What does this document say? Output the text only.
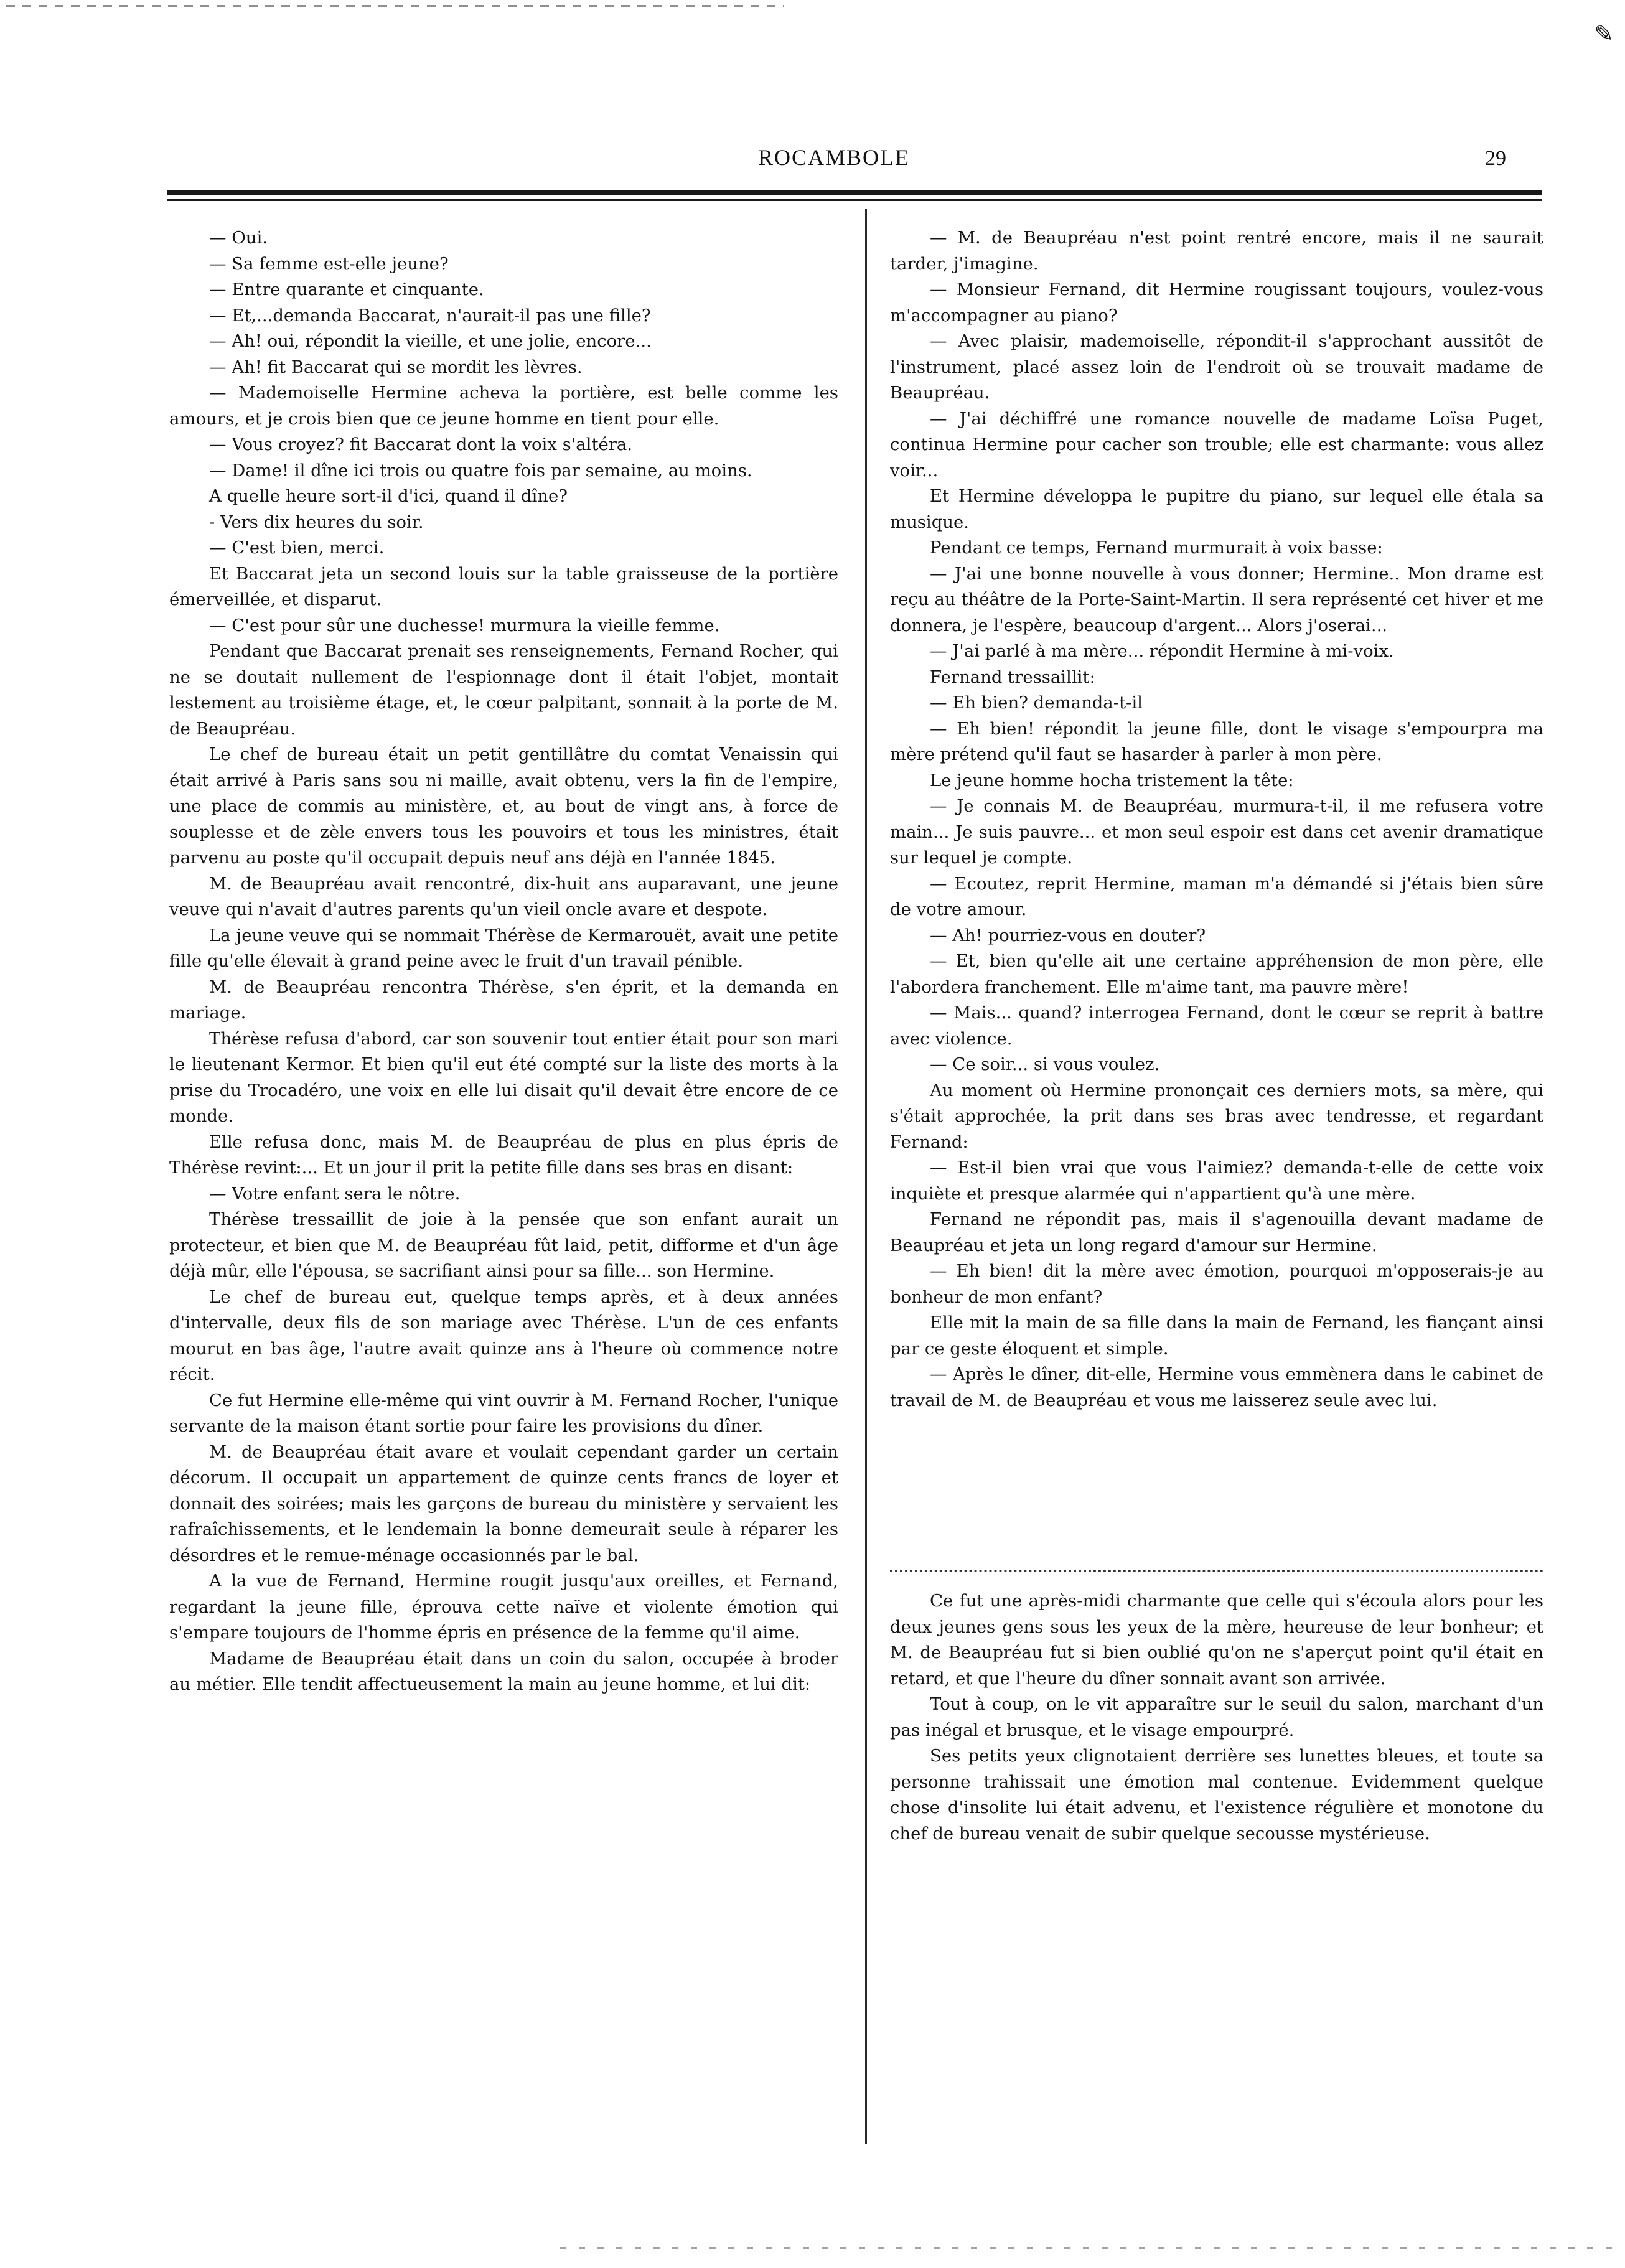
✎
ROCAMBOLE	29

— Oui.

— Sa femme est-elle jeune?

— Entre quarante et cinquante.

— Et,...demanda Baccarat, n'aurait-il pas une fille?

— Ah! oui, répondit la vieille, et une jolie, encore...

— Ah! fit Baccarat qui se mordit les lèvres.

— Mademoiselle Hermine acheva la portière, est belle comme les amours, et je crois bien que ce jeune homme en tient pour elle.

— Vous croyez? fit Baccarat dont la voix s'altéra.

— Dame! il dîne ici trois ou quatre fois par semaine, au moins.

A quelle heure sort-il d'ici, quand il dîne?

- Vers dix heures du soir.

— C'est bien, merci.

Et Baccarat jeta un second louis sur la table graisseuse de la portière émerveillée, et disparut.

— C'est pour sûr une duchesse! murmura la vieille femme.

Pendant que Baccarat prenait ses renseignements, Fernand Rocher, qui ne se doutait nullement de l'espionnage dont il était l'objet, montait lestement au troisième étage, et, le cœur palpitant, sonnait à la porte de M. de Beaupréau.

Le chef de bureau était un petit gentillâtre du comtat Venaissin qui était arrivé à Paris sans sou ni maille, avait obtenu, vers la fin de l'empire, une place de commis au ministère, et, au bout de vingt ans, à force de souplesse et de zèle envers tous les pouvoirs et tous les ministres, était parvenu au poste qu'il occupait depuis neuf ans déjà en l'année 1845.

M. de Beaupréau avait rencontré, dix-huit ans auparavant, une jeune veuve qui n'avait d'autres parents qu'un vieil oncle avare et despote.

La jeune veuve qui se nommait Thérèse de Kermarouët, avait une petite fille qu'elle élevait à grand peine avec le fruit d'un travail pénible.

M. de Beaupréau rencontra Thérèse, s'en éprit, et la demanda en mariage.

Thérèse refusa d'abord, car son souvenir tout entier était pour son mari le lieutenant Kermor. Et bien qu'il eut été compté sur la liste des morts à la prise du Trocadéro, une voix en elle lui disait qu'il devait être encore de ce monde.

Elle refusa donc, mais M. de Beaupréau de plus en plus épris de Thérèse revint:... Et un jour il prit la petite fille dans ses bras en disant:

— Votre enfant sera le nôtre.

Thérèse tressaillit de joie à la pensée que son enfant aurait un protecteur, et bien que M. de Beaupréau fût laid, petit, difforme et d'un âge déjà mûr, elle l'épousa, se sacrifiant ainsi pour sa fille... son Hermine.

Le chef de bureau eut, quelque temps après, et à deux années d'intervalle, deux fils de son mariage avec Thérèse. L'un de ces enfants mourut en bas âge, l'autre avait quinze ans à l'heure où commence notre récit.

Ce fut Hermine elle-même qui vint ouvrir à M. Fernand Rocher, l'unique servante de la maison étant sortie pour faire les provisions du dîner.

M. de Beaupréau était avare et voulait cependant garder un certain décorum. Il occupait un appartement de quinze cents francs de loyer et donnait des soirées; mais les garçons de bureau du ministère y servaient les rafraîchissements, et le lendemain la bonne demeurait seule à réparer les désordres et le remue-ménage occasionnés par le bal.

A la vue de Fernand, Hermine rougit jusqu'aux oreilles, et Fernand, regardant la jeune fille, éprouva cette naïve et violente émotion qui s'empare toujours de l'homme épris en présence de la femme qu'il aime.

Madame de Beaupréau était dans un coin du salon, occupée à broder au métier. Elle tendit affectueusement la main au jeune homme, et lui dit:

— M. de Beaupréau n'est point rentré encore, mais il ne saurait tarder, j'imagine.

— Monsieur Fernand, dit Hermine rougissant toujours, voulez-vous m'accompagner au piano?

— Avec plaisir, mademoiselle, répondit-il s'approchant aussitôt de l'instrument, placé assez loin de l'endroit où se trouvait madame de Beaupréau.

— J'ai déchiffré une romance nouvelle de madame Loïsa Puget, continua Hermine pour cacher son trouble; elle est charmante: vous allez voir...

Et Hermine développa le pupitre du piano, sur lequel elle étala sa musique.

Pendant ce temps, Fernand murmurait à voix basse:

— J'ai une bonne nouvelle à vous donner; Hermine.. Mon drame est reçu au théâtre de la Porte-Saint-Martin. Il sera représenté cet hiver et me donnera, je l'espère, beaucoup d'argent... Alors j'oserai...

— J'ai parlé à ma mère... répondit Hermine à mi-voix.

Fernand tressaillit:

— Eh bien? demanda-t-il

— Eh bien! répondit la jeune fille, dont le visage s'empourpra ma mère prétend qu'il faut se hasarder à parler à mon père.

Le jeune homme hocha tristement la tête:

— Je connais M. de Beaupréau, murmura-t-il, il me refusera votre main... Je suis pauvre... et mon seul espoir est dans cet avenir dramatique sur lequel je compte.

— Ecoutez, reprit Hermine, maman m'a démandé si j'étais bien sûre de votre amour.

— Ah! pourriez-vous en douter?

— Et, bien qu'elle ait une certaine appréhension de mon père, elle l'abordera franchement. Elle m'aime tant, ma pauvre mère!

— Mais... quand? interrogea Fernand, dont le cœur se reprit à battre avec violence.

— Ce soir... si vous voulez.

Au moment où Hermine prononçait ces derniers mots, sa mère, qui s'était approchée, la prit dans ses bras avec tendresse, et regardant Fernand:

— Est-il bien vrai que vous l'aimiez? demanda-t-elle de cette voix inquiète et presque alarmée qui n'appartient qu'à une mère.

Fernand ne répondit pas, mais il s'agenouilla devant madame de Beaupréau et jeta un long regard d'amour sur Hermine.

— Eh bien! dit la mère avec émotion, pourquoi m'opposerais-je au bonheur de mon enfant?

Elle mit la main de sa fille dans la main de Fernand, les fiançant ainsi par ce geste éloquent et simple.

— Après le dîner, dit-elle, Hermine vous emmènera dans le cabinet de travail de M. de Beaupréau et vous me laisserez seule avec lui.

Ce fut une après-midi charmante que celle qui s'écoula alors pour les deux jeunes gens sous les yeux de la mère, heureuse de leur bonheur; et M. de Beaupréau fut si bien oublié qu'on ne s'aperçut point qu'il était en retard, et que l'heure du dîner sonnait avant son arrivée.

Tout à coup, on le vit apparaître sur le seuil du salon, marchant d'un pas inégal et brusque, et le visage empourpré.

Ses petits yeux clignotaient derrière ses lunettes bleues, et toute sa personne trahissait une émotion mal contenue. Evidemment quelque chose d'insolite lui était advenu, et l'existence régulière et monotone du chef de bureau venait de subir quelque secousse mystérieuse.
